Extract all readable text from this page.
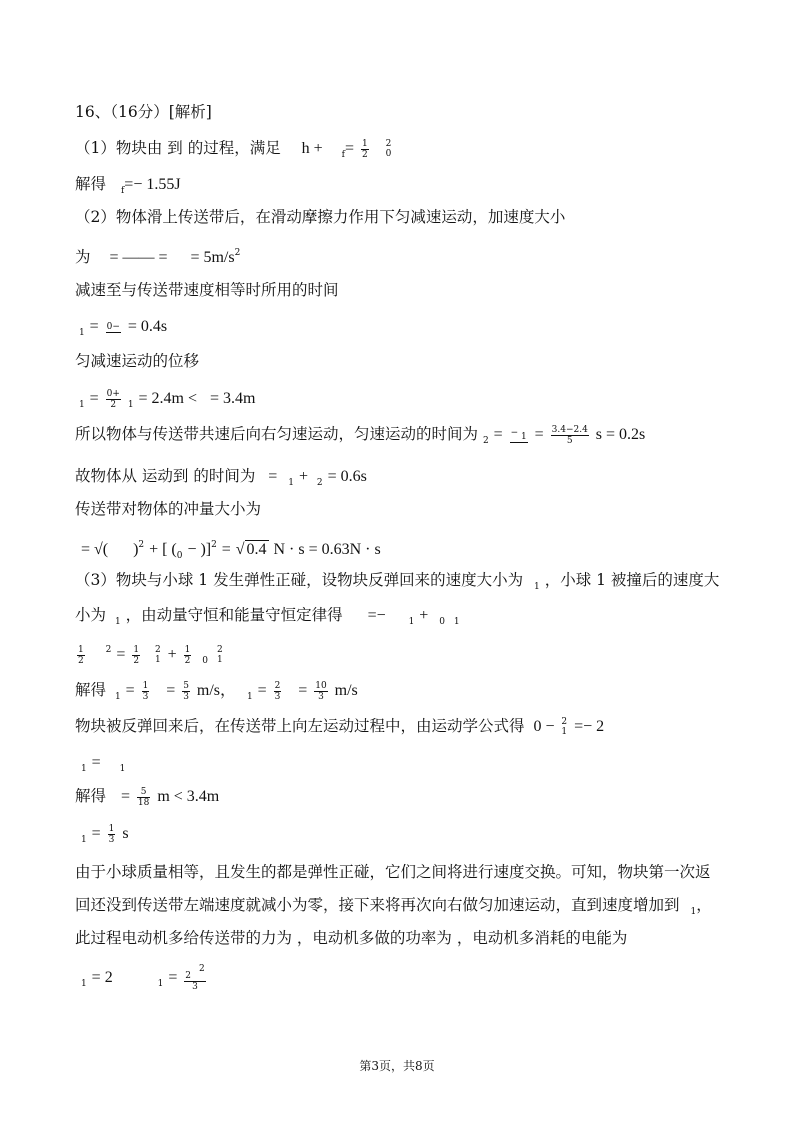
16、（16分）[解析]
（1）物块由 到 的过程，满足 $h + _f= \frac{1}{2}$
2
0
解得 $_f$=− 1.55J
（2）物体滑上传送带后，在滑动摩擦力作用下匀减速运动，加速度大小
为 = —— = = $5m/s^2$
减速至与传送带速度相等时所用的时间
$_1$ = 0− = 0.4s
匀减速运动的位移
$_1 = \frac{0+}{2} _1 = 2.4m$ < = 3.4m
所以物体与传送带共速后向右匀速运动，匀速运动的时间为 $_2$ = − $1 = \frac{3.4-2.4}{5}$ s = 0.2s
故物体从 运动到 的时间为 = $_1$ + $_2$ = 0.6s
传送带对物体的冲量大小为
= √( )$^2$ + [ $(_0 - )]^2$ = √ 0.4 N · s = 0.63N · s
（3）物块与小球 1 发生弹性正碰，设物块反弹回来的速度大小为 $_1$ ，小球 1 被撞后的速度大
小为 $_1$ ，由动量守恒和能量守恒定律得 =−	$_1$ + $_0$ $_1$
$\frac{1}{2} ^2 = \frac{1}{2}$
2
$1 + \frac{1}{2} _0$
2
1
解得 $_1 = \frac{1}{3} = \frac{5}{3} m/s$， $_1 = \frac{2}{3} = \frac{10}{3} m/s$
物块被反弹回来后，在传送带上向左运动过程中，由运动学公式得 0 − 2
1 =− 2
$_1$ = $_1$
解得 = $\frac{5}{18}$ m < 3.4m
$_1 = \frac{1}{3}$ s
由于小球质量相等，且发生的都是弹性正碰，它们之间将进行速度交换。可知，物块第一次返
回还没到传送带左端速度就减小为零，接下来将再次向右做匀加速运动，直到速度增加到 $_1$，
此过程电动机多给传送带的力为 ，电动机多做的功率为 ，电动机多消耗的电能为
$_1$ = 2	$_1 = \frac{22}{3}$
第3页，共8页
